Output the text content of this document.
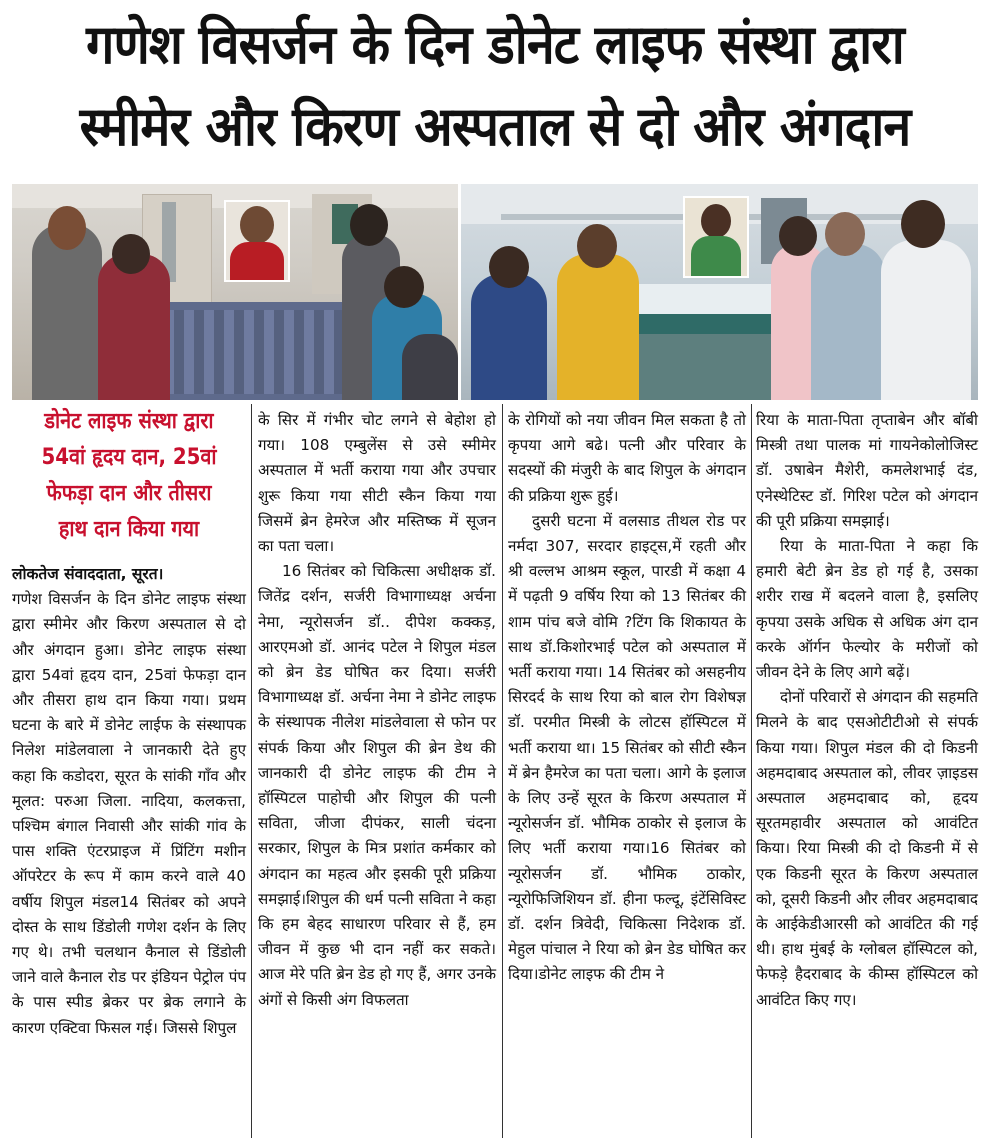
गणेश विसर्जन के दिन डोनेट लाइफ संस्था द्वारा
स्मीमेर और किरण अस्पताल से दो और अंगदान
डोनेट लाइफ संस्था द्वारा
54वां हृदय दान, 25वां
फेफड़ा दान और तीसरा
हाथ दान किया गया

लोकतेज संवाददाता, सूरत।

गणेश विसर्जन के दिन डोनेट लाइफ संस्था द्वारा स्मीमेर और किरण अस्पताल से दो और अंगदान हुआ। डोनेट लाइफ संस्था द्वारा 54वां हृदय दान, 25वां फेफड़ा दान और तीसरा हाथ दान किया गया। प्रथम घटना के बारे में डोनेट लाईफ के संस्थापक निलेश मांडेलवाला ने जानकारी देते हुए कहा कि कडोदरा, सूरत के सांकी गाँव और मूलत: परुआ जिला. नादिया, कलकत्ता, पश्चिम बंगाल निवासी और सांकी गांव के पास शक्ति एंटरप्राइज में प्रिंटिंग मशीन ऑपरेटर के रूप में काम करने वाले 40 वर्षीय शिपुल मंडल14 सितंबर को अपने दोस्त के साथ डिंडोली गणेश दर्शन के लिए गए थे। तभी चलथान कैनाल से डिंडोली जाने वाले कैनाल रोड पर इंडियन पेट्रोल पंप के पास स्पीड ब्रेकर पर ब्रेक लगाने के कारण एक्टिवा फिसल गई। जिससे शिपुल

के सिर में गंभीर चोट लगने से बेहोश हो गया। 108 एम्बुलेंस से उसे स्मीमेर अस्पताल में भर्ती कराया गया और उपचार शुरू किया गया सीटी स्कैन किया गया जिसमें ब्रेन हेमरेज और मस्तिष्क में सूजन का पता चला।

16 सितंबर को चिकित्सा अधीक्षक डॉ. जितेंद्र दर्शन, सर्जरी विभागाध्यक्ष अर्चना नेमा, न्यूरोसर्जन डॉ.. दीपेश कक्कड़, आरएमओ डॉ. आनंद पटेल ने शिपुल मंडल को ब्रेन डेड घोषित कर दिया। सर्जरी विभागाध्यक्ष डॉ. अर्चना नेमा ने डोनेट लाइफ के संस्थापक नीलेश मांडलेवाला से फोन पर संपर्क किया और शिपुल की ब्रेन डेथ की जानकारी दी डोनेट लाइफ की टीम ने हॉस्पिटल पाहोची और शिपुल की पत्नी सविता, जीजा दीपंकर, साली चंदना सरकार, शिपुल के मित्र प्रशांत कर्मकार को अंगदान का महत्व और इसकी पूरी प्रक्रिया समझाई।शिपुल की धर्म पत्नी सविता ने कहा कि हम बेहद साधारण परिवार से हैं, हम जीवन में कुछ भी दान नहीं कर सकते। आज मेरे पति ब्रेन डेड हो गए हैं, अगर उनके अंगों से किसी अंग विफलता

के रोगियों को नया जीवन मिल सकता है तो कृपया आगे बढे। पत्नी और परिवार के सदस्यों की मंजुरी के बाद शिपुल के अंगदान की प्रक्रिया शुरू हुई।

दुसरी घटना में वलसाड तीथल रोड पर नर्मदा 307, सरदार हाइट्स,में रहती और श्री वल्लभ आश्रम स्कूल, पारडी में कक्षा 4 में पढ़ती 9 वर्षिय रिया को 13 सितंबर की शाम पांच बजे वोमि ?टिंग कि शिकायत के साथ डॉ.किशोरभाई पटेल को अस्पताल में भर्ती कराया गया। 14 सितंबर को असहनीय सिरदर्द के साथ रिया को बाल रोग विशेषज्ञ डॉ. परमीत मिस्त्री के लोटस हॉस्पिटल में भर्ती कराया था। 15 सितंबर को सीटी स्कैन में ब्रेन हैमरेज का पता चला। आगे के इलाज के लिए उन्हें सूरत के किरण अस्पताल में न्यूरोसर्जन डॉ. भौमिक ठाकोर से इलाज के लिए भर्ती कराया गया।16 सितंबर को न्यूरोसर्जन डॉ. भौमिक ठाकोर, न्यूरोफिजिशियन डॉ. हीना फल्दू, इंटेंसिविस्ट डॉ. दर्शन त्रिवेदी, चिकित्सा निदेशक डॉ. मेहुल पांचाल ने रिया को ब्रेन डेड घोषित कर दिया।डोनेट लाइफ की टीम ने

रिया के माता-पिता तृप्ताबेन और बॉबी मिस्त्री तथा पालक मां गायनेकोलोजिस्ट डॉ. उषाबेन मैशेरी, कमलेशभाई दंड, एनेस्थेटिस्ट डॉ. गिरिश पटेल को अंगदान की पूरी प्रक्रिया समझाई।

रिया के माता-पिता ने कहा कि हमारी बेटी ब्रेन डेड हो गई है, उसका शरीर राख में बदलने वाला है, इसलिए कृपया उसके अधिक से अधिक अंग दान करके ऑर्गन फेल्योर के मरीजों को जीवन देने के लिए आगे बढ़ें।

दोनों परिवारों से अंगदान की सहमति मिलने के बाद एसओटीटीओ से संपर्क किया गया। शिपुल मंडल की दो किडनी अहमदाबाद अस्पताल को, लीवर ज़ाइडस अस्पताल अहमदाबाद को, हृदय सूरतमहावीर अस्पताल को आवंटित किया। रिया मिस्त्री की दो किडनी में से एक किडनी सूरत के किरण अस्पताल को, दूसरी किडनी और लीवर अहमदाबाद के आईकेडीआरसी को आवंटित की गई थी। हाथ मुंबई के ग्लोबल हॉस्पिटल को, फेफड़े हैदराबाद के कीम्स हॉस्पिटल को आवंटित किए गए।
